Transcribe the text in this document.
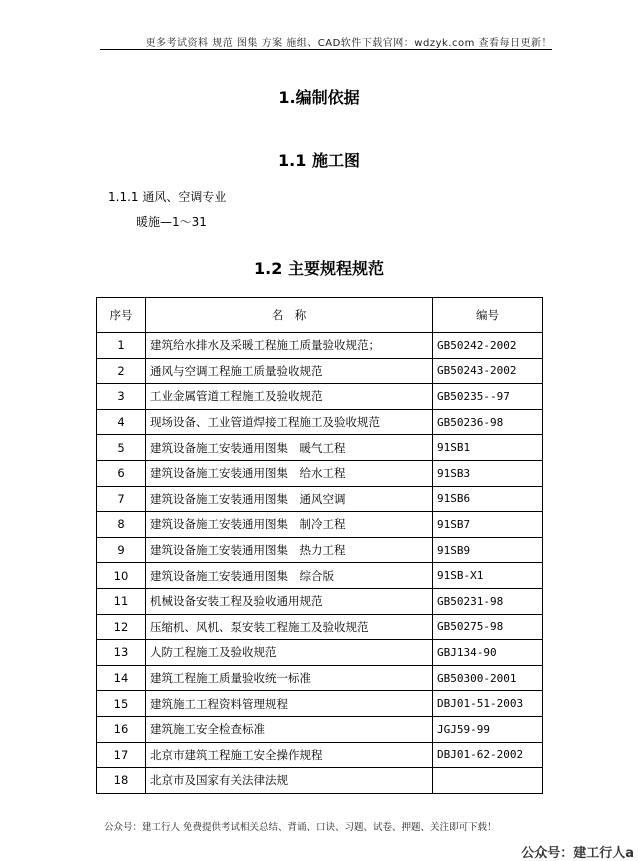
更多考试资料 规范 图集 方案 施组、CAD软件下载官网：wdzyk.com 查看每日更新！
1.编制依据
1.1 施工图
1.1.1 通风、空调专业
暖施—1～31
1.2 主要规程规范
序号	名　称	编号
1	建筑给水排水及采暖工程施工质量验收规范；	GB50242-2002
2	通风与空调工程施工质量验收规范	GB50243-2002
3	工业金属管道工程施工及验收规范	GB50235--97
4	现场设备、工业管道焊接工程施工及验收规范	GB50236-98
5	建筑设备施工安装通用图集　暖气工程	91SB1
6	建筑设备施工安装通用图集　给水工程	91SB3
7	建筑设备施工安装通用图集　通风空调	91SB6
8	建筑设备施工安装通用图集　制冷工程	91SB7
9	建筑设备施工安装通用图集　热力工程	91SB9
10	建筑设备施工安装通用图集　综合版	91SB-X1
11	机械设备安装工程及验收通用规范	GB50231-98
12	压缩机、风机、泵安装工程施工及验收规范	GB50275-98
13	人防工程施工及验收规范	GBJ134-90
14	建筑工程施工质量验收统一标准	GB50300-2001
15	建筑施工工程资料管理规程	DBJ01-51-2003
16	建筑施工安全检查标准	JGJ59-99
17	北京市建筑工程施工安全操作规程	DBJ01-62-2002
18	北京市及国家有关法律法规	
公众号：建工行人 免费提供考试相关总结、背诵、口诀、习题、试卷、押题、关注即可下载！
公众号：建工行人a
